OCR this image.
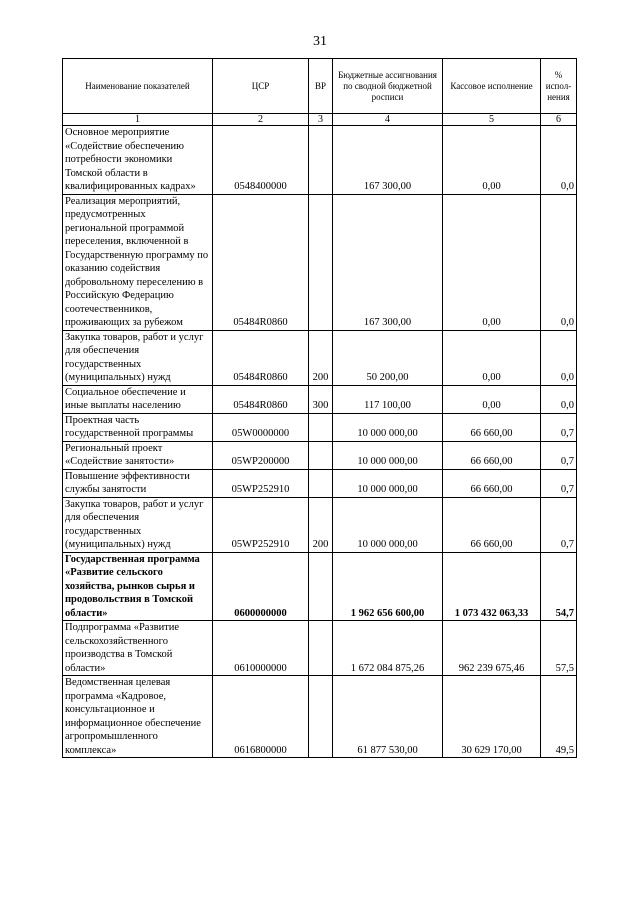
31
Наименование показателей	ЦСР	ВР	Бюджетные ассигнования по сводной бюджетной росписи	Кассовое исполнение	% испол-нения
1	2	3	4	5	6
Основное мероприятие «Содействие обеспечению потребности экономики Томской области в квалифицированных кадрах»	0548400000		167 300,00	0,00	0,0
Реализация мероприятий, предусмотренных региональной программой переселения, включенной в Государственную программу по оказанию содействия добровольному переселению в Российскую Федерацию соотечественников, проживающих за рубежом	05484R0860		167 300,00	0,00	0,0
Закупка товаров, работ и услуг для обеспечения государственных (муниципальных) нужд	05484R0860	200	50 200,00	0,00	0,0
Социальное обеспечение и иные выплаты населению	05484R0860	300	117 100,00	0,00	0,0
Проектная часть государственной программы	05W0000000		10 000 000,00	66 660,00	0,7
Региональный проект «Содействие занятости»	05WP200000		10 000 000,00	66 660,00	0,7
Повышение эффективности службы занятости	05WP252910		10 000 000,00	66 660,00	0,7
Закупка товаров, работ и услуг для обеспечения государственных (муниципальных) нужд	05WP252910	200	10 000 000,00	66 660,00	0,7
Государственная программа «Развитие сельского хозяйства, рынков сырья и продовольствия в Томской области»	0600000000		1 962 656 600,00	1 073 432 063,33	54,7
Подпрограмма «Развитие сельскохозяйственного производства в Томской области»	0610000000		1 672 084 875,26	962 239 675,46	57,5
Ведомственная целевая программа «Кадровое, консультационное и информационное обеспечение агропромышленного комплекса»	0616800000		61 877 530,00	30 629 170,00	49,5
